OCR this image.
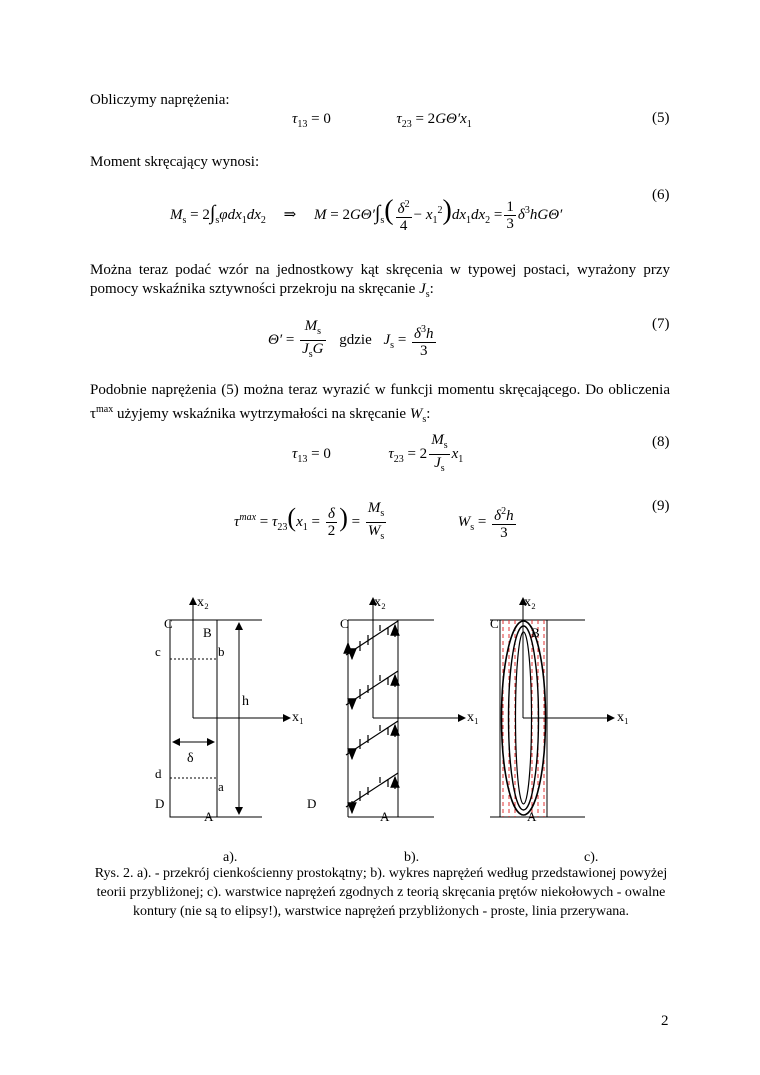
Obliczymy naprężenia:
$\tau_{13} = 0$	$\tau_{23} = 2G\Theta'x_1$	(5)
Moment skręcający wynosi:
$M_s = 2\int_s\varphi dx_1dx_2$ ⇒ $M = 2G\Theta'\int_s( \frac{\delta^2}{4} - x_1^2)dx_1dx_2 = \frac{1}{3} \delta^3hG\Theta'$
(6)
Można teraz podać wzór na jednostkowy kąt skręcenia w typowej postaci, wyrażony przy pomocy wskaźnika sztywności przekroju na skręcanie $J_s$:
$\Theta' = \frac{M_s}{J_sG}$ gdzie $J_s = \frac{\delta^3h}{3}$	(7)
Podobnie naprężenia (5) można teraz wyrazić w funkcji momentu skręcającego. Do obliczenia $\tau^{max}$ użyjemy wskaźnika wytrzymałości na skręcanie $W_s$:
$\tau_{13} = 0$	$\tau_{23} = 2 \frac{M_s}{J_s} x_1$
(8)
$\tau^{max} = \tau_{23}(x_1 = \frac{\delta}{2}$ ) = $\frac{M_s}{W_s}$	$W_s = \frac{\delta^2h}{3}$	(9)
x₂
x₁
C
B
c	b
h
δ
d
a
D
A
x₂
x₁
C
D
A
x₂
x₁
C
B
A
a).	b).	c).
Rys. 2. a). - przekrój cienkościenny prostokątny; b). wykres naprężeń według przedstawionej powyżej teorii przybliżonej; c). warstwice naprężeń zgodnych z teorią skręcania prętów niekołowych - owalne kontury (nie są to elipsy!), warstwice naprężeń przybliżonych - proste, linia przerywana.
2
